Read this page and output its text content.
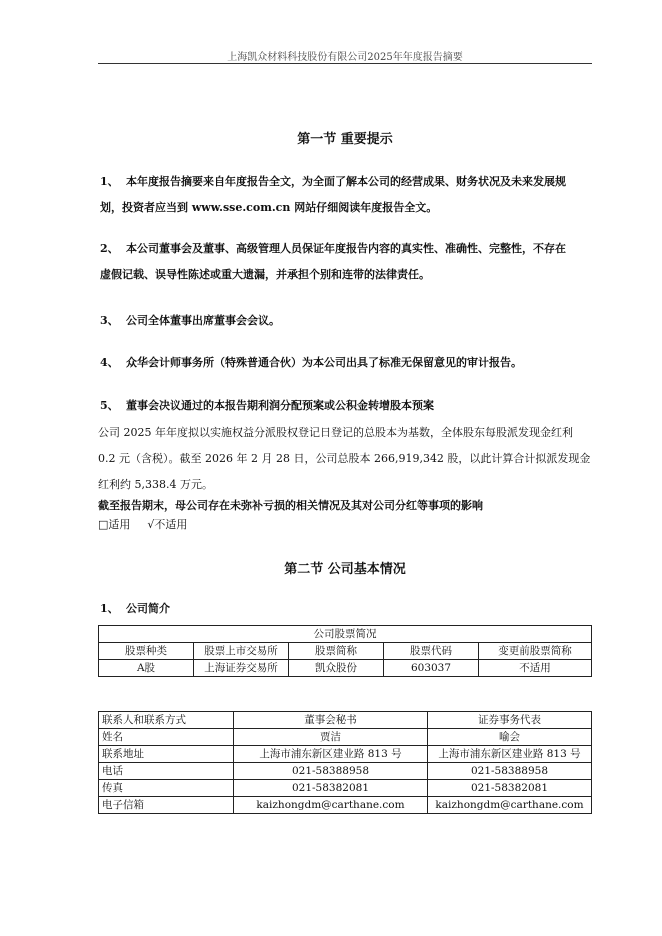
上海凯众材料科技股份有限公司2025年年度报告摘要
第一节 重要提示
1、 本年度报告摘要来自年度报告全文，为全面了解本公司的经营成果、财务状况及未来发展规
划，投资者应当到 www.sse.com.cn 网站仔细阅读年度报告全文。
2、 本公司董事会及董事、高级管理人员保证年度报告内容的真实性、准确性、完整性，不存在
虚假记载、误导性陈述或重大遗漏，并承担个别和连带的法律责任。
3、 公司全体董事出席董事会会议。
4、 众华会计师事务所（特殊普通合伙）为本公司出具了标准无保留意见的审计报告。
5、 董事会决议通过的本报告期利润分配预案或公积金转增股本预案
公司 2025 年年度拟以实施权益分派股权登记日登记的总股本为基数，全体股东每股派发现金红利
0.2 元（含税）。截至 2026 年 2 月 28 日，公司总股本 266,919,342 股，以此计算合计拟派发现金
红利约 5,338.4 万元。
截至报告期末，母公司存在未弥补亏损的相关情况及其对公司分红等事项的影响
□适用 √不适用
第二节 公司基本情况
1、 公司简介
公司股票简况				
股票种类	股票上市交易所	股票简称	股票代码	变更前股票简称
A股	上海证券交易所	凯众股份	603037	不适用
联系人和联系方式	董事会秘书	证券事务代表
姓名	贾洁	喻会
联系地址	上海市浦东新区建业路 813 号	上海市浦东新区建业路 813 号
电话	021-58388958	021-58388958
传真	021-58382081	021-58382081
电子信箱	kaizhongdm@carthane.com	kaizhongdm@carthane.com
